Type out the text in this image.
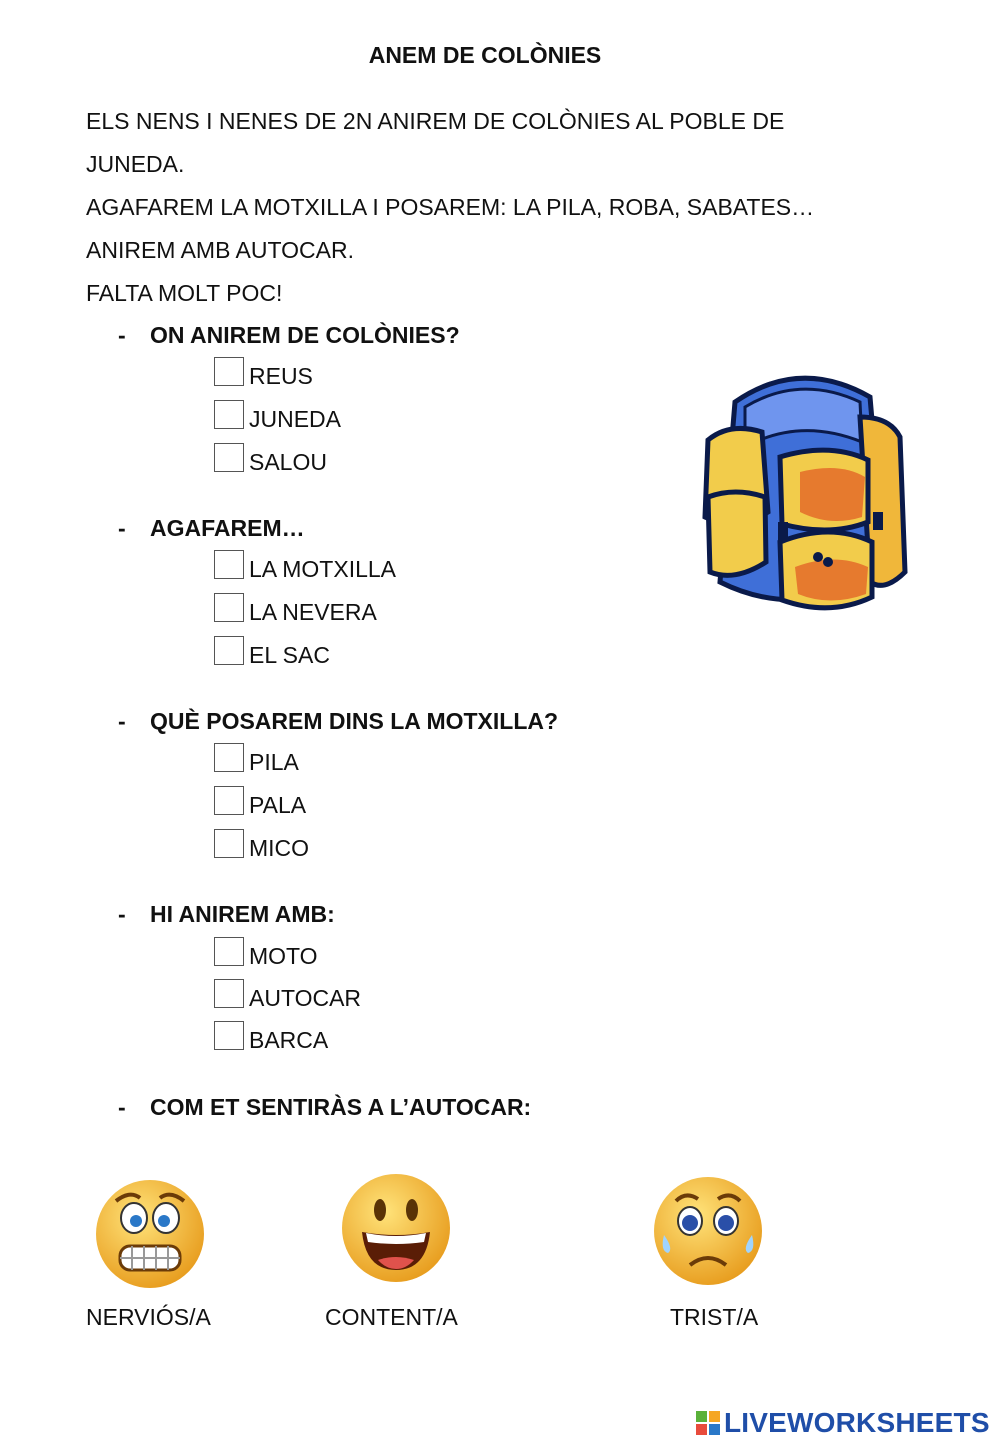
ANEM DE COLÒNIES
ELS NENS I NENES DE 2N ANIREM DE COLÒNIES AL POBLE DE
JUNEDA.
AGAFAREM LA MOTXILLA I POSAREM: LA PILA, ROBA, SABATES…
ANIREM AMB AUTOCAR.
FALTA MOLT POC!
- ON ANIREM DE COLÒNIES?
REUS
JUNEDA
SALOU
- AGAFAREM…
LA MOTXILLA
LA NEVERA
EL SAC
- QUÈ POSAREM DINS LA MOTXILLA?
PILA
PALA
MICO
- HI ANIREM AMB:
MOTO
AUTOCAR
BARCA
- COM ET SENTIRÀS A L’AUTOCAR:
NERVIÓS/A	CONTENT/A	TRIST/A
LIVEWORKSHEETS
